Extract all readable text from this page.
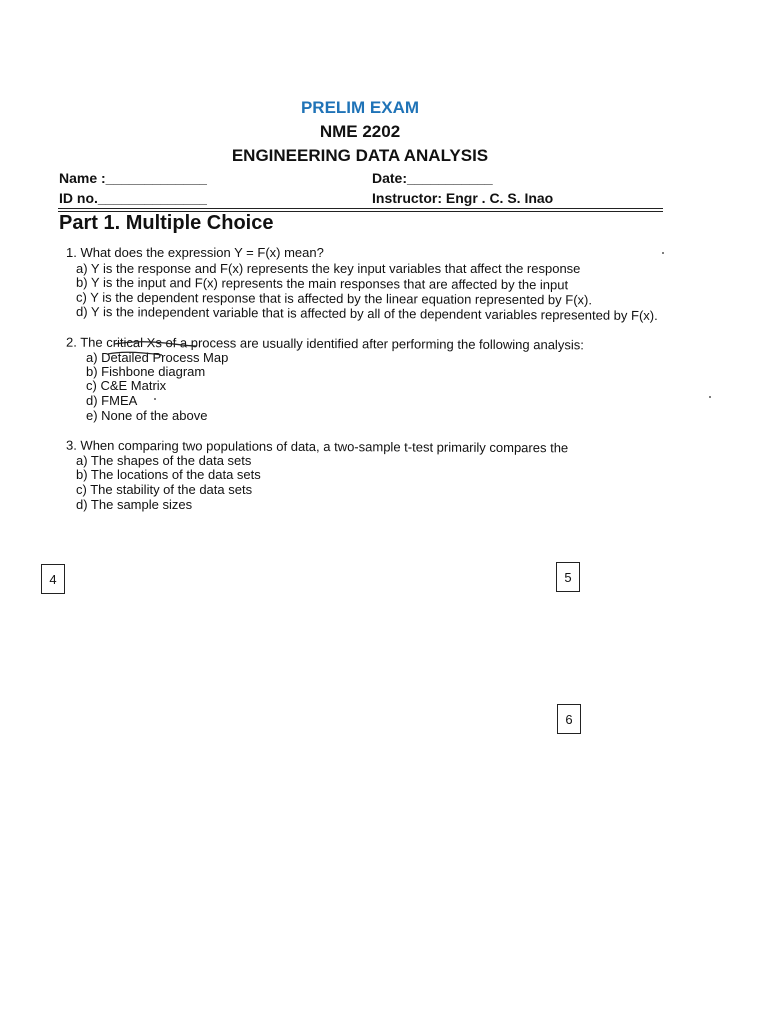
PRELIM EXAM
NME 2202
ENGINEERING DATA ANALYSIS
Name :_____________	Date:___________
ID no.______________	Instructor: Engr . C. S. Inao
Part 1. Multiple Choice
1. What does the expression Y = F(x) mean?
a) Y is the response and F(x) represents the key input variables that affect the response
b) Y is the input and F(x) represents the main responses that are affected by the input
c) Y is the dependent response that is affected by the linear equation represented by F(x).
d) Y is the independent variable that is affected by all of the dependent variables represented by F(x).
2. The critical Xs of a process are usually identified after performing the following analysis:
a) Detailed Process Map
b) Fishbone diagram
c) C&E Matrix
d) FMEA
e) None of the above
3. When comparing two populations of data, a two-sample t-test primarily compares the
a) The shapes of the data sets
b) The locations of the data sets
c) The stability of the data sets
d) The sample sizes
4	5
6
